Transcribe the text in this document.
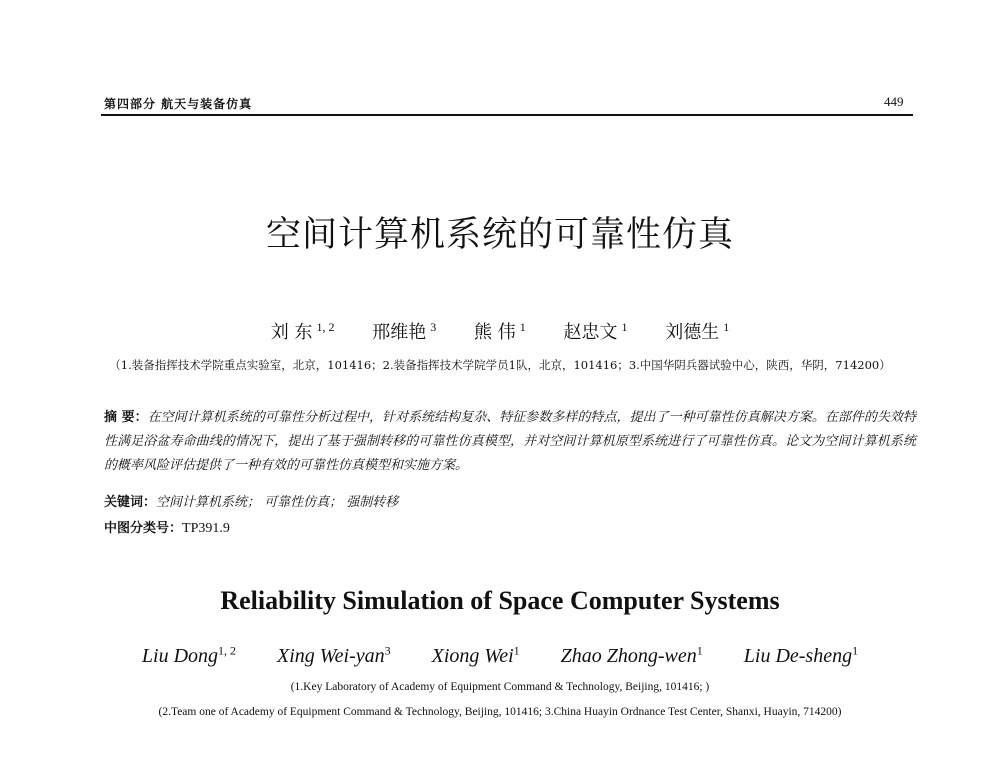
第四部分 航天与装备仿真	449
空间计算机系统的可靠性仿真
刘 东 $^{1, 2}$ 邢维艳 $^3$ 熊 伟 $^1$ 赵忠文 $^1$ 刘德生 $^1$
（1.装备指挥技术学院重点实验室，北京，101416；2.装备指挥技术学院学员1队，北京，101416；3.中国华阴兵器试验中心，陕西，华阴，714200）
摘 要：在空间计算机系统的可靠性分析过程中，针对系统结构复杂、特征参数多样的特点，提出了一种可靠性仿真解决方案。在部件的失效特性满足浴盆寿命曲线的情况下，提出了基于强制转移的可靠性仿真模型，并对空间计算机原型系统进行了可靠性仿真。论文为空间计算机系统的概率风险评估提供了一种有效的可靠性仿真模型和实施方案。
关键词：空间计算机系统； 可靠性仿真； 强制转移
中图分类号：TP391.9
Reliability Simulation of Space Computer Systems
Liu Dong$^{1, 2}$ Xing Wei-yan$^3$ Xiong Wei$^1$ Zhao Zhong-wen$^1$ Liu De-sheng$^1$
(1.Key Laboratory of Academy of Equipment Command & Technology, Beijing, 101416; )
(2.Team one of Academy of Equipment Command & Technology, Beijing, 101416; 3.China Huayin Ordnance Test Center, Shanxi, Huayin, 714200)
